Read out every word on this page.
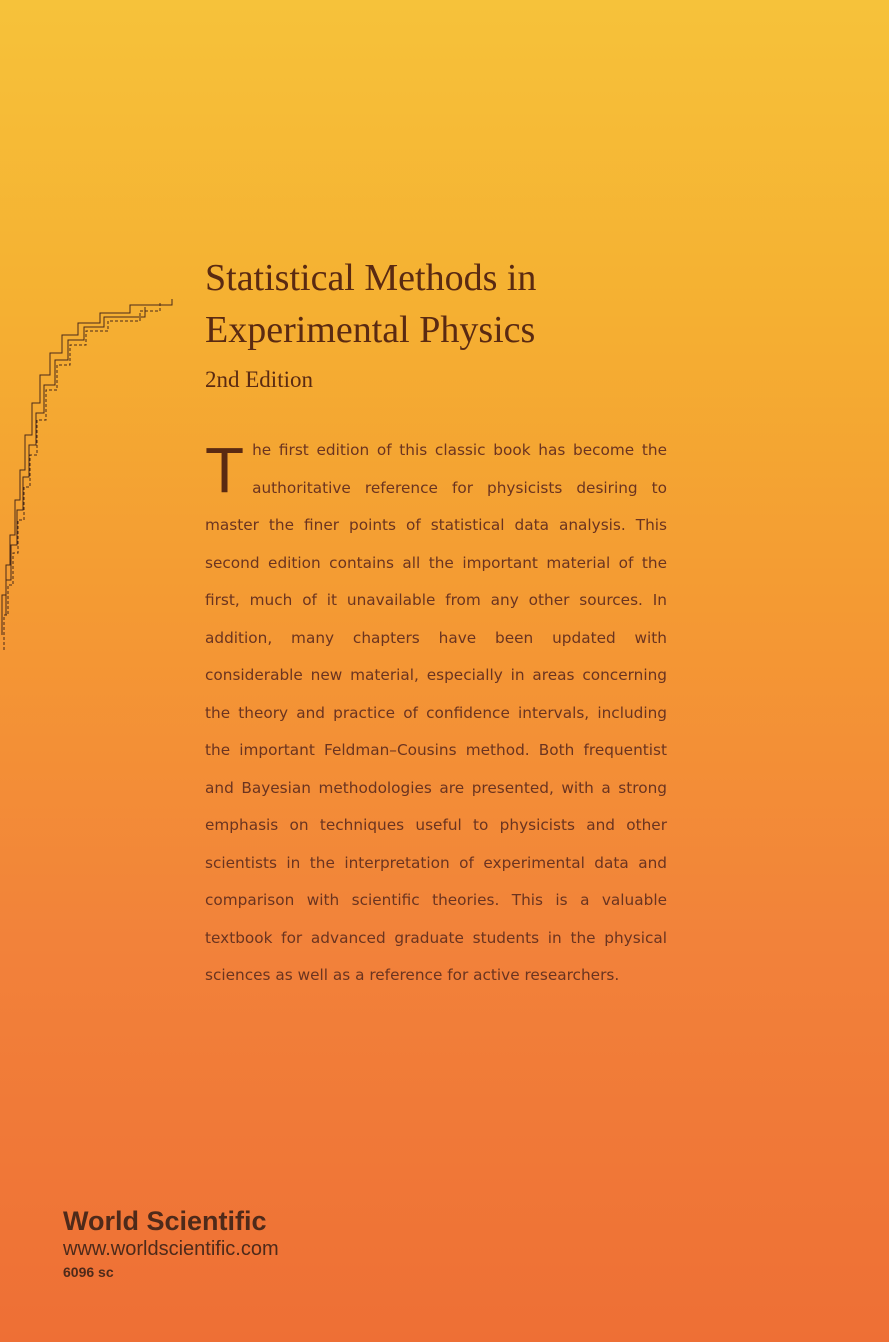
Statistical Methods in
Experimental Physics
2nd Edition

The first edition of this classic book has become the authoritative reference for physicists desiring to master the finer points of statistical data analysis. This second edition contains all the important material of the first, much of it unavailable from any other sources. In addition, many chapters have been updated with considerable new material, especially in areas concerning the theory and practice of confidence intervals, including the important Feldman–Cousins method. Both frequentist and Bayesian methodologies are presented, with a strong emphasis on techniques useful to physicists and other scientists in the interpretation of experimental data and comparison with scientific theories. This is a valuable textbook for advanced graduate students in the physical sciences as well as a reference for active researchers.

World Scientific
www.worldscientific.com
6096 sc
